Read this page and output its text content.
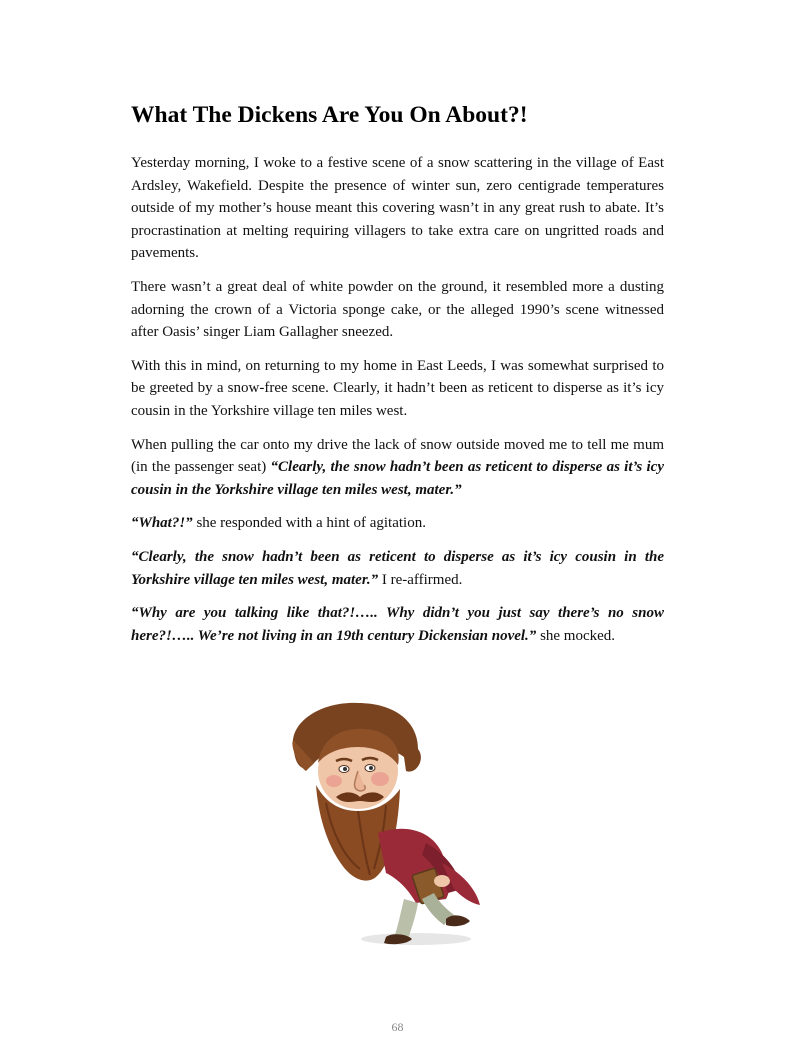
What The Dickens Are You On About?!

Yesterday morning, I woke to a festive scene of a snow scattering in the village of East Ardsley, Wakefield. Despite the presence of winter sun, zero centigrade temperatures outside of my mother’s house meant this covering wasn’t in any great rush to abate. It’s procrastination at melting requiring villagers to take extra care on ungritted roads and pavements.

There wasn’t a great deal of white powder on the ground, it resembled more a dusting adorning the crown of a Victoria sponge cake, or the alleged 1990’s scene witnessed after Oasis’ singer Liam Gallagher sneezed.

With this in mind, on returning to my home in East Leeds, I was somewhat surprised to be greeted by a snow-free scene. Clearly, it hadn’t been as reticent to disperse as it’s icy cousin in the Yorkshire village ten miles west.

When pulling the car onto my drive the lack of snow outside moved me to tell me mum (in the passenger seat) “Clearly, the snow hadn’t been as reticent to disperse as it’s icy cousin in the Yorkshire village ten miles west, mater.”

“What?!” she responded with a hint of agitation.

“Clearly, the snow hadn’t been as reticent to disperse as it’s icy cousin in the Yorkshire village ten miles west, mater.” I re-affirmed.

“Why are you talking like that?!….. Why didn’t you just say there’s no snow here?!….. We’re not living in an 19th century Dickensian novel.” she mocked.

68
